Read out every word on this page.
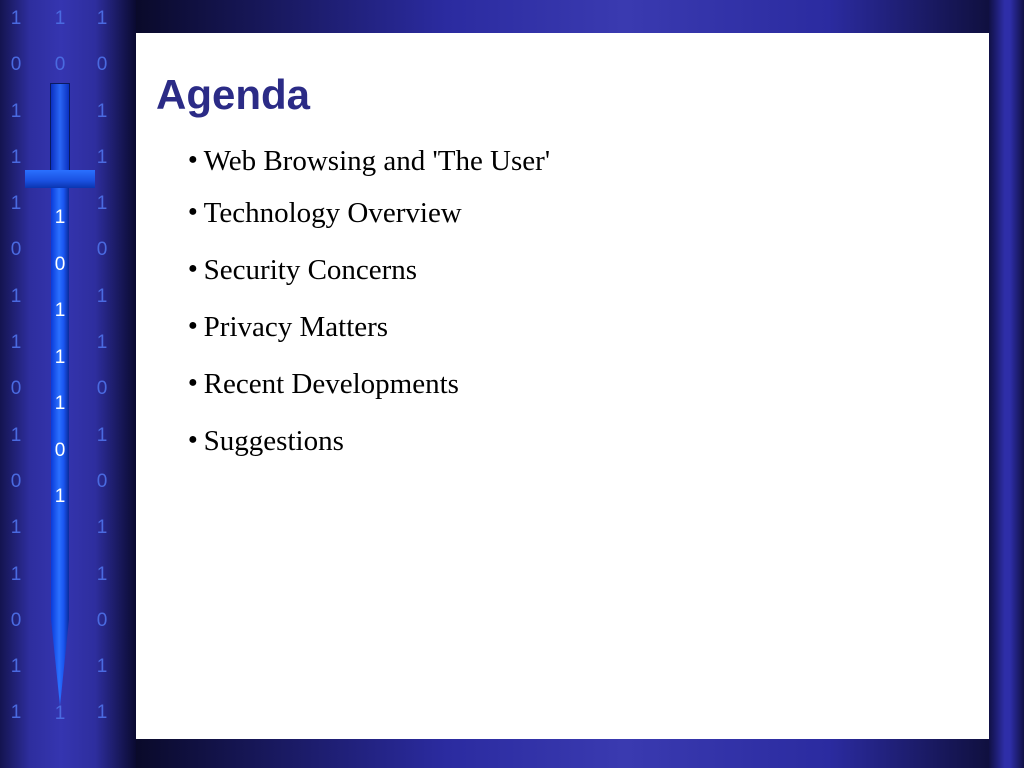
1
0
1
1
1
0
1
1
0
1
0
1
1
0
1
1
1
0
1
1
1
0
1
1
0
1
0
1
1
0
1
1
1
0
1
1
0
1
1
1
0
1
Agenda
● Web Browsing and 'The User'
● Technology Overview
● Security Concerns
● Privacy Matters
● Recent Developments
● Suggestions
